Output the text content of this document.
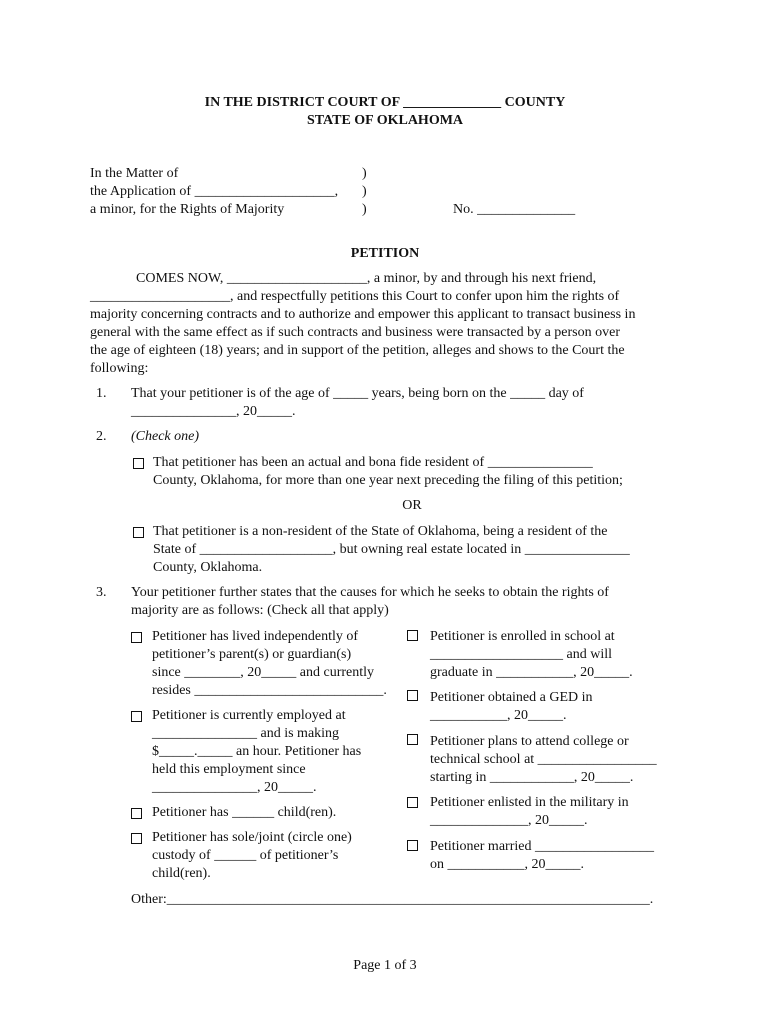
IN THE DISTRICT COURT OF ______________ COUNTY
STATE OF OKLAHOMA
In the Matter of
the Application of ____________________,
a minor, for the Rights of Majority
)
)
)	No. ______________
PETITION
COMES NOW, ____________________, a minor, by and through his next friend,
____________________, and respectfully petitions this Court to confer upon him the rights of
majority concerning contracts and to authorize and empower this applicant to transact business in
general with the same effect as if such contracts and business were transacted by a person over
the age of eighteen (18) years; and in support of the petition, alleges and shows to the Court the
following:
1. That your petitioner is of the age of _____ years, being born on the _____ day of
_______________, 20_____.
2. (Check one)
That petitioner has been an actual and bona fide resident of _______________
County, Oklahoma, for more than one year next preceding the filing of this petition;
OR
That petitioner is a non-resident of the State of Oklahoma, being a resident of the
State of ___________________, but owning real estate located in _______________
County, Oklahoma.
3. Your petitioner further states that the causes for which he seeks to obtain the rights of
majority are as follows: (Check all that apply)
Petitioner has lived independently of
petitioner’s parent(s) or guardian(s)
since ________, 20_____ and currently
resides ___________________________.
Petitioner is currently employed at
_______________ and is making
$_____._____ an hour. Petitioner has
held this employment since
_______________, 20_____.
Petitioner has ______ child(ren).
Petitioner has sole/joint (circle one)
custody of ______ of petitioner’s
child(ren).
Petitioner is enrolled in school at
___________________ and will
graduate in ___________, 20_____.
Petitioner obtained a GED in
___________, 20_____.
Petitioner plans to attend college or
technical school at _________________
starting in ____________, 20_____.
Petitioner enlisted in the military in
______________, 20_____.
Petitioner married _________________
on ___________, 20_____.
Other:_____________________________________________________________________.
Page 1 of 3
